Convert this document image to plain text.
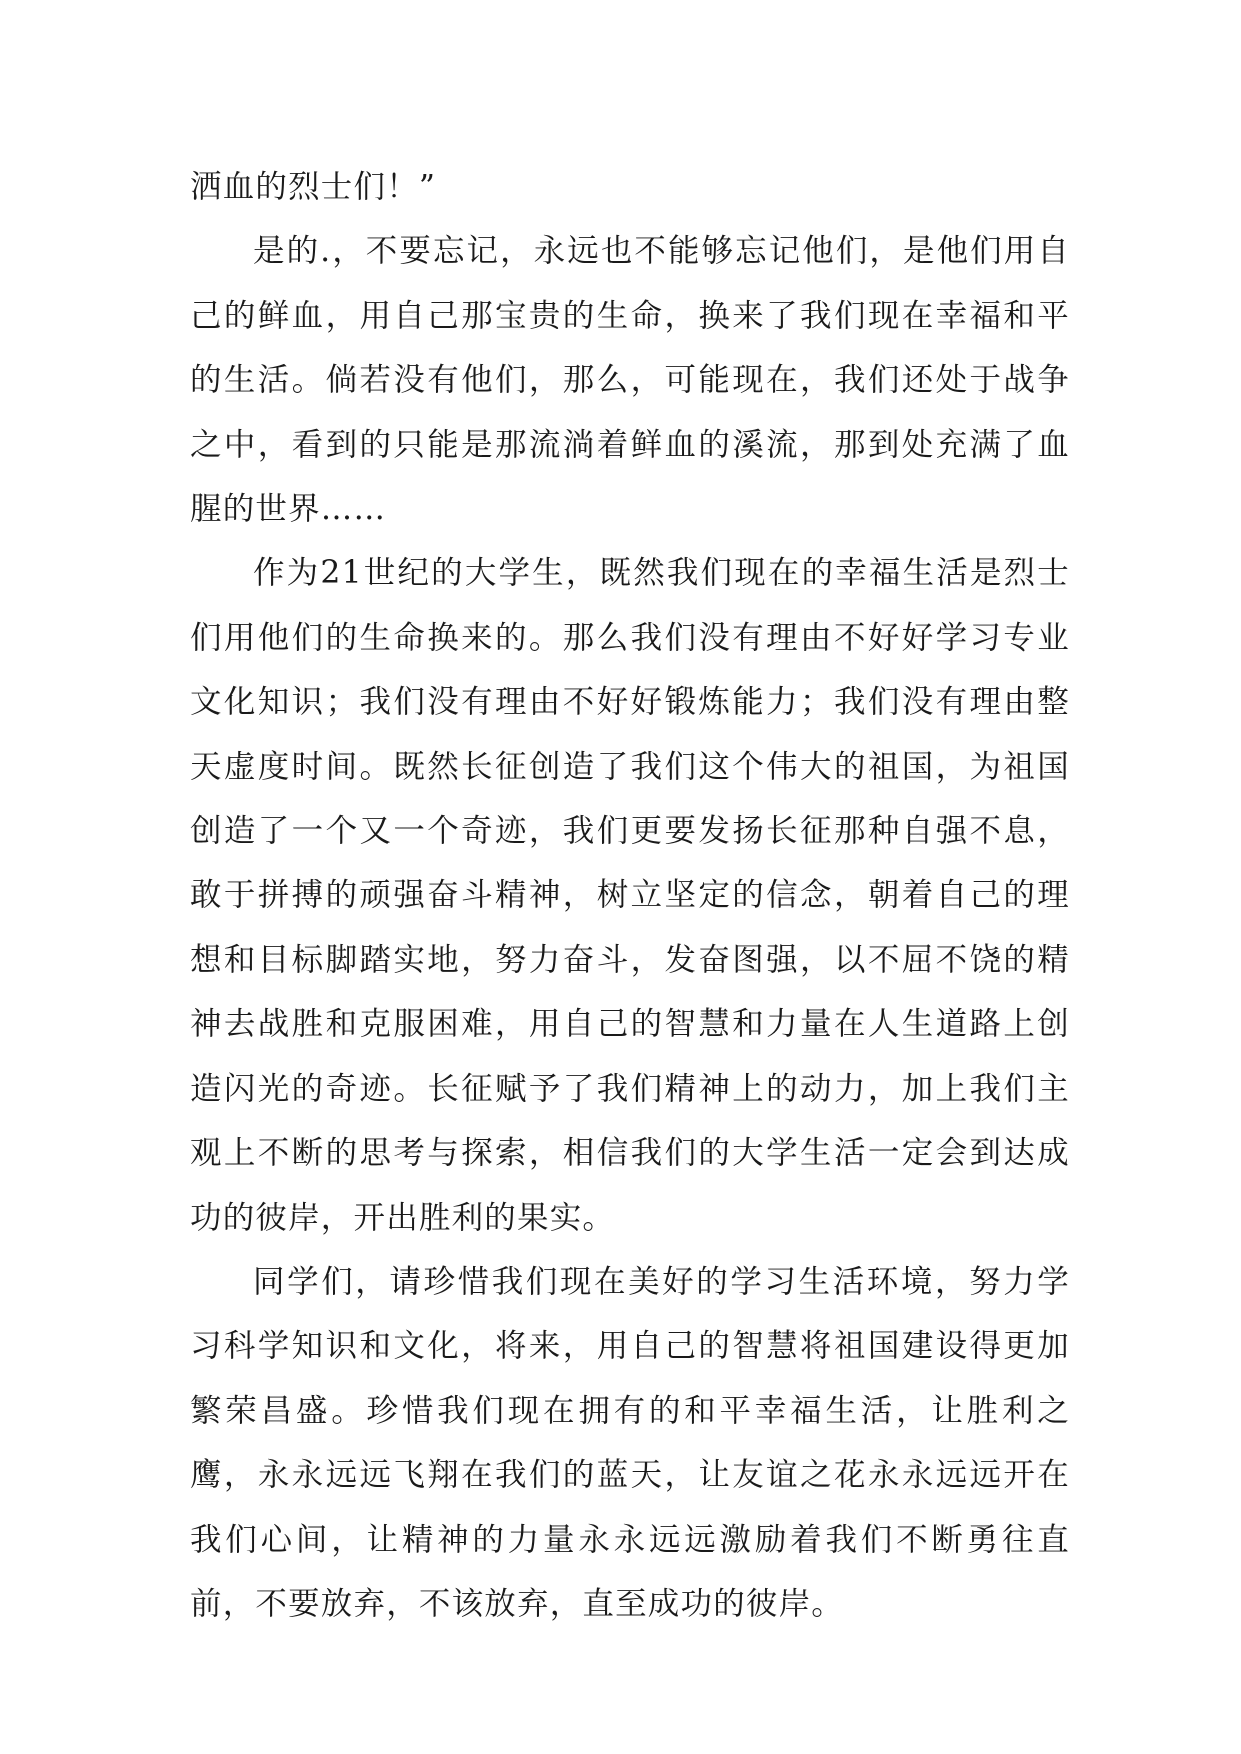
洒血的烈士们！”

是的.，不要忘记，永远也不能够忘记他们，是他们用自己的鲜血，用自己那宝贵的生命，换来了我们现在幸福和平的生活。倘若没有他们，那么，可能现在，我们还处于战争之中，看到的只能是那流淌着鲜血的溪流，那到处充满了血腥的世界……

作为21世纪的大学生，既然我们现在的幸福生活是烈士们用他们的生命换来的。那么我们没有理由不好好学习专业文化知识；我们没有理由不好好锻炼能力；我们没有理由整天虚度时间。既然长征创造了我们这个伟大的祖国，为祖国创造了一个又一个奇迹，我们更要发扬长征那种自强不息，敢于拼搏的顽强奋斗精神，树立坚定的信念，朝着自己的理想和目标脚踏实地，努力奋斗，发奋图强，以不屈不饶的精神去战胜和克服困难，用自己的智慧和力量在人生道路上创造闪光的奇迹。长征赋予了我们精神上的动力，加上我们主观上不断的思考与探索，相信我们的大学生活一定会到达成功的彼岸，开出胜利的果实。

同学们，请珍惜我们现在美好的学习生活环境，努力学习科学知识和文化，将来，用自己的智慧将祖国建设得更加繁荣昌盛。珍惜我们现在拥有的和平幸福生活，让胜利之鹰，永永远远飞翔在我们的蓝天，让友谊之花永永远远开在我们心间，让精神的力量永永远远激励着我们不断勇往直前，不要放弃，不该放弃，直至成功的彼岸。
